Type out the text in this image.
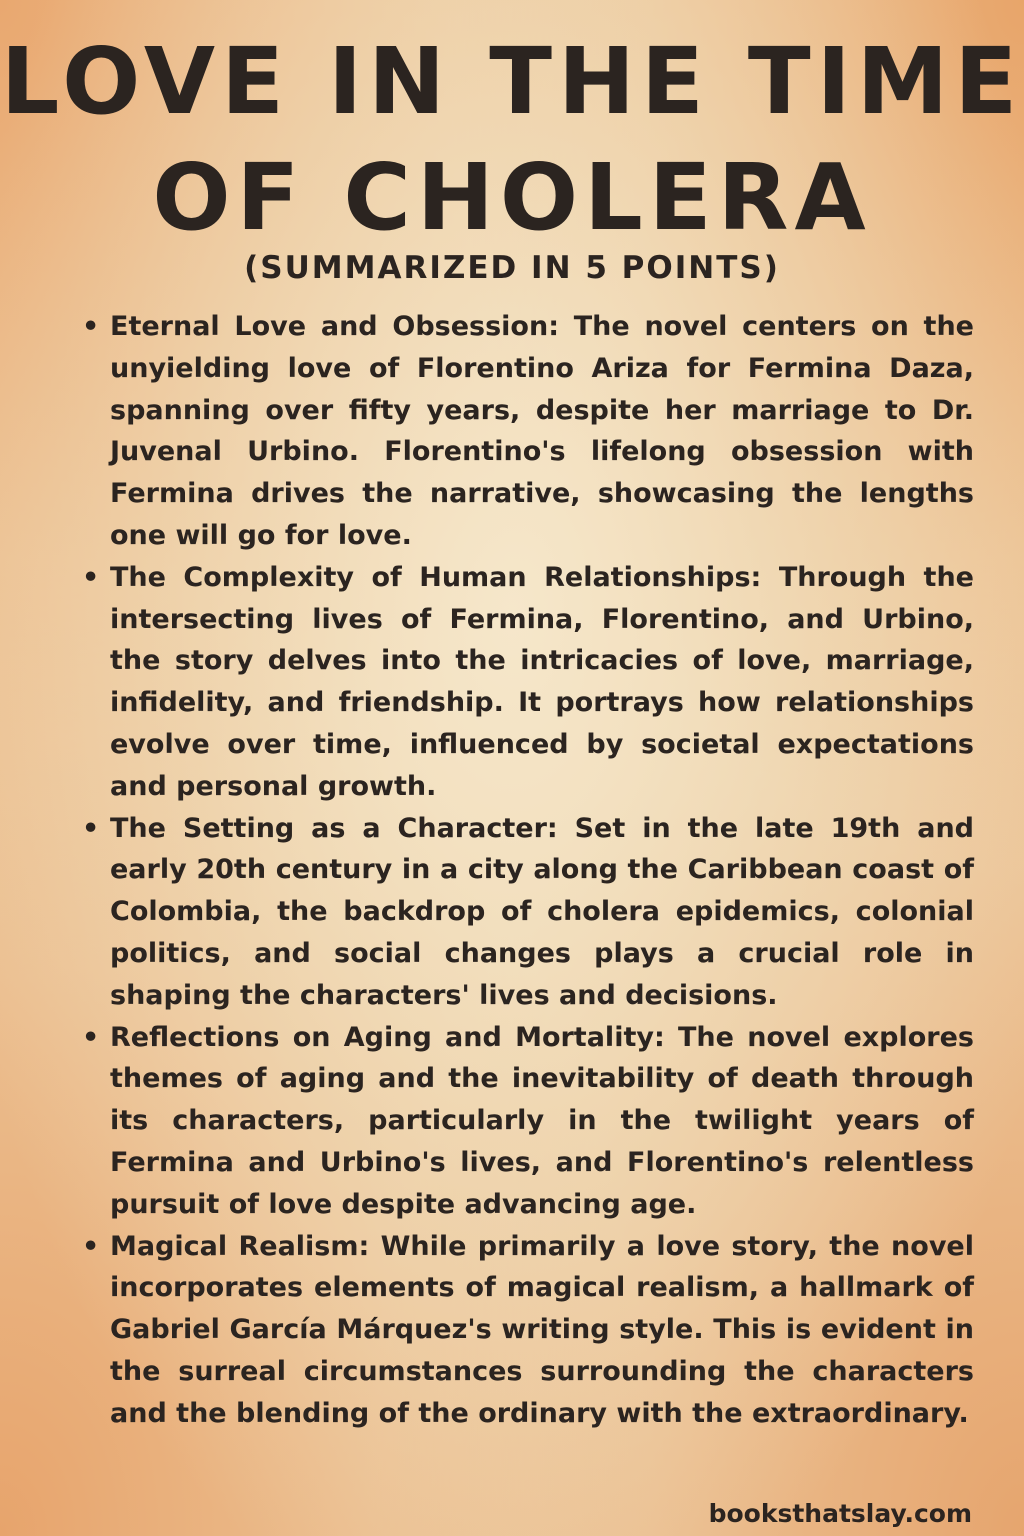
LOVE IN THE TIME OF CHOLERA
(SUMMARIZED IN 5 POINTS)
• Eternal Love and Obsession: The novel centers on the unyielding love of Florentino Ariza for Fermina Daza, spanning over fifty years, despite her marriage to Dr. Juvenal Urbino. Florentino's lifelong obsession with Fermina drives the narrative, showcasing the lengths one will go for love.
• The Complexity of Human Relationships: Through the intersecting lives of Fermina, Florentino, and Urbino, the story delves into the intricacies of love, marriage, infidelity, and friendship. It portrays how relationships evolve over time, influenced by societal expectations and personal growth.
• The Setting as a Character: Set in the late 19th and early 20th century in a city along the Caribbean coast of Colombia, the backdrop of cholera epidemics, colonial politics, and social changes plays a crucial role in shaping the characters' lives and decisions.
• Reflections on Aging and Mortality: The novel explores themes of aging and the inevitability of death through its characters, particularly in the twilight years of Fermina and Urbino's lives, and Florentino's relentless pursuit of love despite advancing age.
• Magical Realism: While primarily a love story, the novel incorporates elements of magical realism, a hallmark of Gabriel García Márquez's writing style. This is evident in the surreal circumstances surrounding the characters and the blending of the ordinary with the extraordinary.
booksthatslay.com
